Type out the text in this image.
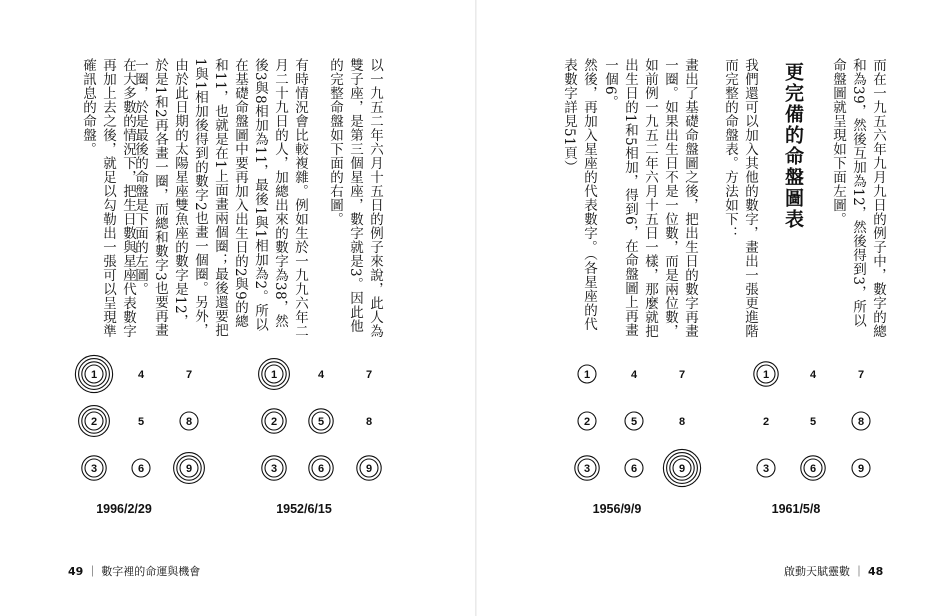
以一九五二年六月十五日的例子來說，此人為雙子座，是第三個星座，數字就是3。因此他的完整命盤如下面的右圖。
有時情況會比較複雜。例如生於一九九六年二月二十九日的人，加總出來的數字為38，然後3與8相加為11，最後1與1相加為2。所以在基礎命盤圖中要再加入出生日的2與9的總和11，也就是在1上面畫兩個圈；最後還要把1與1相加後得到的數字2也畫一個圈。另外，由於此日期的太陽星座雙魚座的數字是12，於是1和2再各畫一圈，而總和數字3也要再畫一圈，於是最後的命盤是下面的左圖。
在大多數的情況下，把生日數與星座代表數字再加上去之後，就足以勾勒出一張可以呈現準確訊息的命盤。	而在一九五六年九月九日的例子中，數字的總和為39，然後互加為12，然後得到3，所以命盤圖就呈現如下面左圖。
更完備的命盤圖表
我們還可以加入其他的數字，畫出一張更進階而完整的命盤表。方法如下：
畫出了基礎命盤圖之後，把出生日的數字再畫一圈。如果出生日不是一位數，而是兩位數，如前例一九五二年六月十五日一樣，那麼就把出生日的1和5相加，得到6，在命盤圖上再畫一個6。
然後，再加入星座的代表數字。（各星座的代表數字詳見51頁）
1
2
3
4
5
6
7
8
9
1996/2/29
1
2
3
4
5
6
7
8
9
1952/6/15
1
2
3
4
5
6
7
8
9
1956/9/9
1
2
3
4
5
6
7
8
9
1961/5/8
49 ｜ 數字裡的命運與機會	啟動天賦靈數 ｜ 48
